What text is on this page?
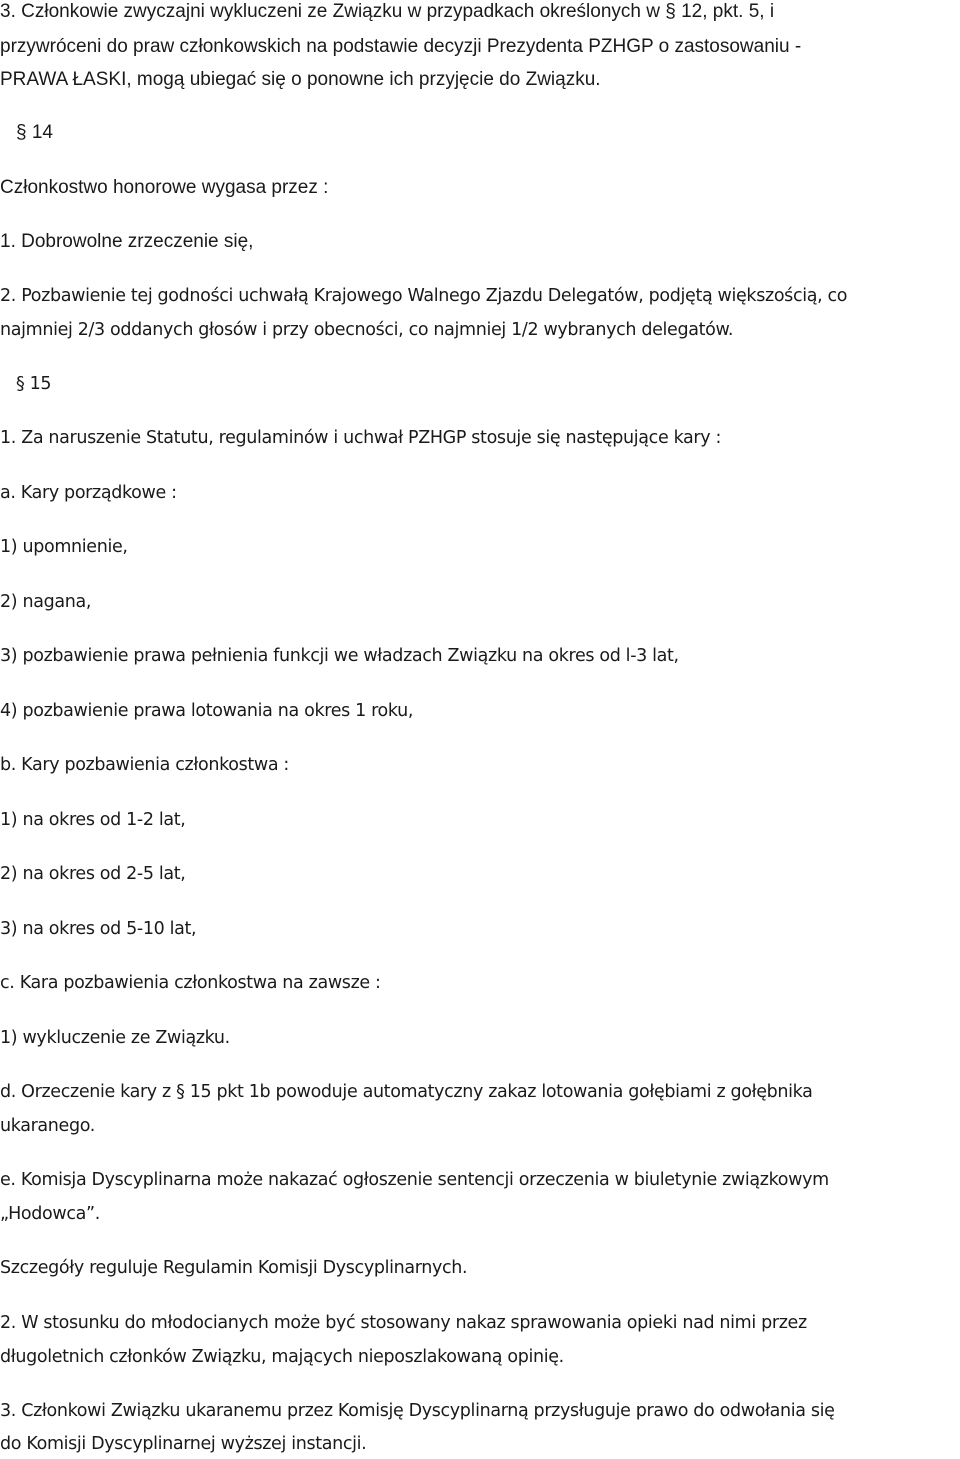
3. Członkowie zwyczajni wykluczeni ze Związku w przypadkach określonych w § 12, pkt. 5, i
przywróceni do praw członkowskich na podstawie decyzji Prezydenta PZHGP o zastosowaniu -
PRAWA ŁASKI, mogą ubiegać się o ponowne ich przyjęcie do Związku.
§ 14
Członkostwo honorowe wygasa przez :
1. Dobrowolne zrzeczenie się,
2. Pozbawienie tej godności uchwałą Krajowego Walnego Zjazdu Delegatów, podjętą większością, co
najmniej 2/3 oddanych głosów i przy obecności, co najmniej 1/2 wybranych delegatów.
§ 15
1. Za naruszenie Statutu, regulaminów i uchwał PZHGP stosuje się następujące kary :
a. Kary porządkowe :
1) upomnienie,
2) nagana,
3) pozbawienie prawa pełnienia funkcji we władzach Związku na okres od l-3 lat,
4) pozbawienie prawa lotowania na okres 1 roku,
b. Kary pozbawienia członkostwa :
1) na okres od 1-2 lat,
2) na okres od 2-5 lat,
3) na okres od 5-10 lat,
c. Kara pozbawienia członkostwa na zawsze :
1) wykluczenie ze Związku.
d. Orzeczenie kary z § 15 pkt 1b powoduje automatyczny zakaz lotowania gołębiami z gołębnika
ukaranego.
e. Komisja Dyscyplinarna może nakazać ogłoszenie sentencji orzeczenia w biuletynie związkowym
„Hodowca”.
Szczegóły reguluje Regulamin Komisji Dyscyplinarnych.
2. W stosunku do młodocianych może być stosowany nakaz sprawowania opieki nad nimi przez
długoletnich członków Związku, mających nieposzlakowaną opinię.
3. Członkowi Związku ukaranemu przez Komisję Dyscyplinarną przysługuje prawo do odwołania się
do Komisji Dyscyplinarnej wyższej instancji.
